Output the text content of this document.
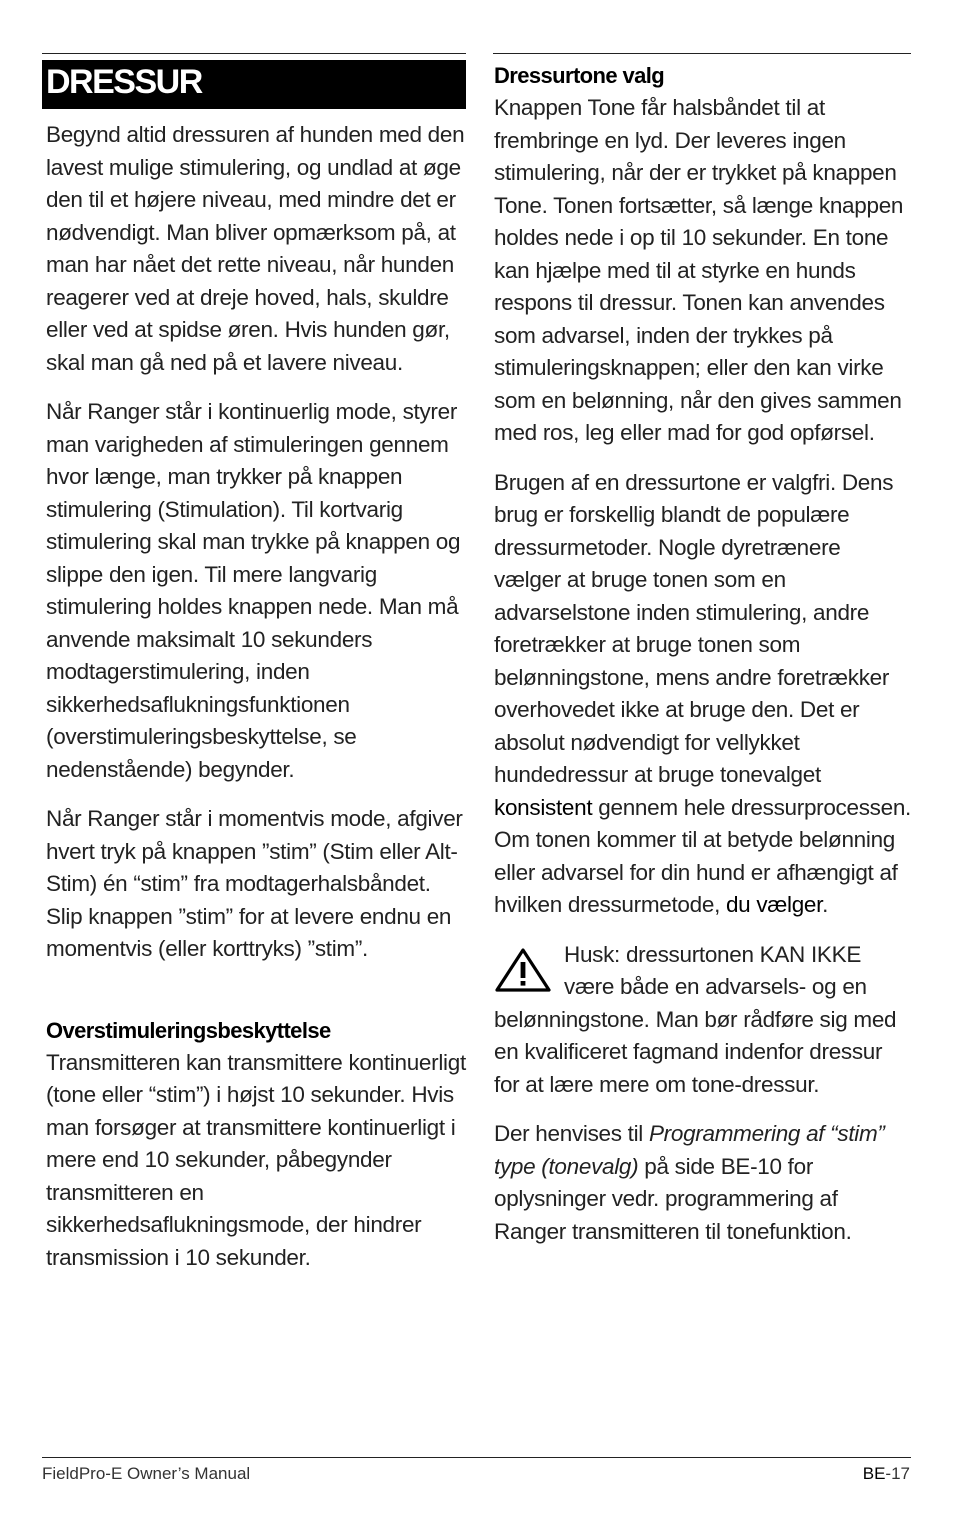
DRESSUR

Begynd altid dressuren af hunden med den lavest mulige stimulering, og undlad at øge den til et højere niveau, med mindre det er nødvendigt. Man bliver opmærksom på, at man har nået det rette niveau, når hunden reagerer ved at dreje hoved, hals, skuldre eller ved at spidse øren. Hvis hunden gør, skal man gå ned på et lavere niveau.

Når Ranger står i kontinuerlig mode, styrer man varigheden af stimuleringen gennem hvor længe, man trykker på knappen stimulering (Stimulation). Til kortvarig stimulering skal man trykke på knappen og slippe den igen. Til mere langvarig stimulering holdes knappen nede. Man må anvende maksimalt 10 sekunders modtagerstimulering, inden sikkerhedsaflukningsfunktionen (overstimuleringsbeskyttelse, se nedenstående) begynder.

Når Ranger står i momentvis mode, afgiver hvert tryk på knappen ”stim” (Stim eller Alt-Stim) én “stim” fra modtagerhalsbåndet. Slip knappen ”stim” for at levere endnu en momentvis (eller korttryks) ”stim”.

Overstimuleringsbeskyttelse

Transmitteren kan transmittere kontinuerligt (tone eller “stim”) i højst 10 sekunder. Hvis man forsøger at transmittere kontinuerligt i mere end 10 sekunder, påbegynder transmitteren en sikkerhedsaflukningsmode, der hindrer transmission i 10 sekunder.

Dressurtone valg

Knappen Tone får halsbåndet til at frembringe en lyd. Der leveres ingen stimulering, når der er trykket på knappen Tone. Tonen fortsætter, så længe knappen holdes nede i op til 10 sekunder. En tone kan hjælpe med til at styrke en hunds respons til dressur. Tonen kan anvendes som advarsel, inden der trykkes på stimuleringsknappen; eller den kan virke som en belønning, når den gives sammen med ros, leg eller mad for god opførsel.

Brugen af en dressurtone er valgfri. Dens brug er forskellig blandt de populære dressurmetoder. Nogle dyretrænere vælger at bruge tonen som en advarselstone inden stimulering, andre foretrækker at bruge tonen som belønningstone, mens andre foretrækker overhovedet ikke at bruge den. Det er absolut nødvendigt for vellykket hundedressur at bruge tonevalget konsistent gennem hele dressurprocessen. Om tonen kommer til at betyde belønning eller advarsel for din hund er afhængigt af hvilken dressurmetode, du vælger.

Husk: dressurtonen KAN IKKE være både en advarsels- og en belønningstone. Man bør rådføre sig med en kvalificeret fagmand indenfor dressur for at lære mere om tone-dressur.

Der henvises til Programmering af “stim” type (tonevalg) på side BE-10 for oplysninger vedr. programmering af Ranger transmitteren til tonefunktion.

FieldPro-E Owner’s Manual	BE-17
